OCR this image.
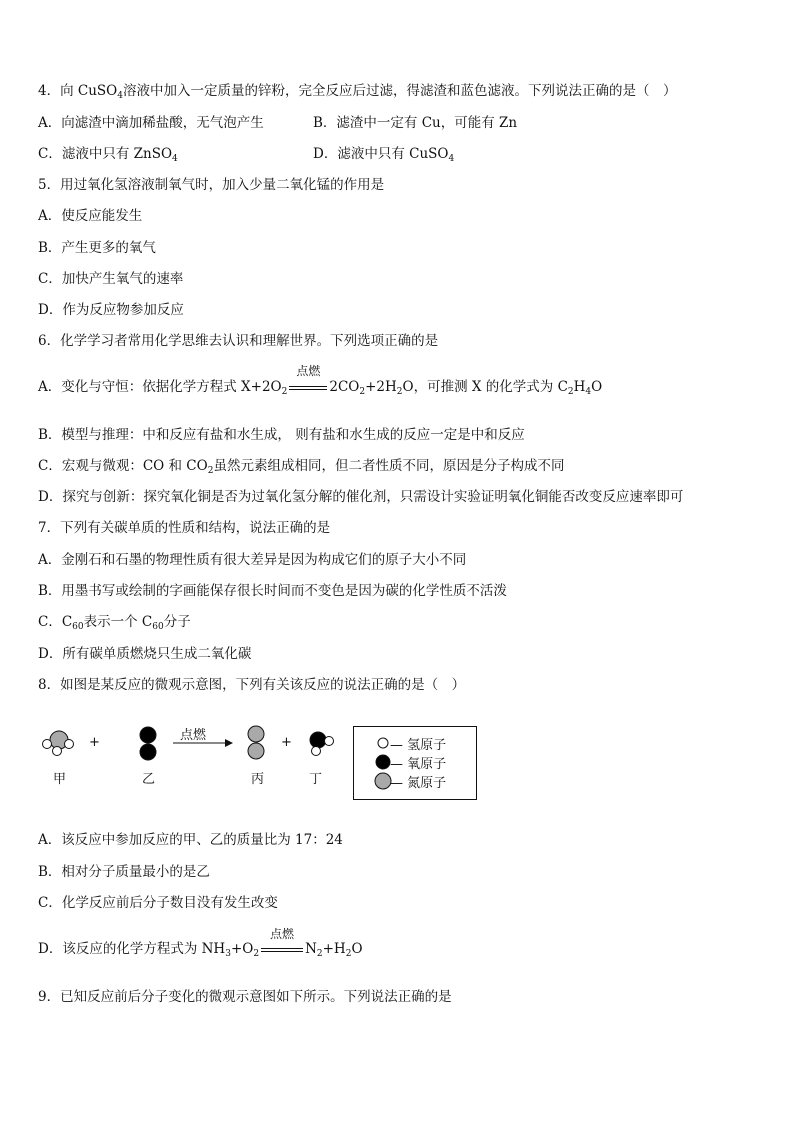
4．向 CuSO$_4$溶液中加入一定质量的锌粉，完全反应后过滤，得滤渣和蓝色滤液。下列说法正确的是（　）
A．向滤渣中滴加稀盐酸，无气泡产生	B．滤渣中一定有 Cu，可能有 Zn
C．滤液中只有 ZnSO$_4$	D．滤液中只有 CuSO$_4$
5．用过氧化氢溶液制氧气时，加入少量二氧化锰的作用是
A．使反应能发生
B．产生更多的氧气
C．加快产生氧气的速率
D．作为反应物参加反应
6．化学学习者常用化学思维去认识和理解世界。下列选项正确的是
A．变化与守恒：依据化学方程式 $X+2O_2$
点燃
$2CO_2+2H_2O$，可推测 X 的化学式为 $C_2H_4O$
B．模型与推理：中和反应有盐和水生成， 则有盐和水生成的反应一定是中和反应
C．宏观与微观：CO 和 $CO_2$虽然元素组成相同，但二者性质不同，原因是分子构成不同
D．探究与创新：探究氧化铜是否为过氧化氢分解的催化剂，只需设计实验证明氧化铜能否改变反应速率即可
7．下列有关碳单质的性质和结构，说法正确的是
A．金刚石和石墨的物理性质有很大差异是因为构成它们的原子大小不同
B．用墨书写或绘制的字画能保存很长时间而不变色是因为碳的化学性质不活泼
C．$C_{60}$表示一个 $C_{60}$分子
D．所有碳单质燃烧只生成二氧化碳
8．如图是某反应的微观示意图，下列有关该反应的说法正确的是（　）
+	+
点燃
甲	乙	丙	丁
— 氢原子
— 氧原子
— 氮原子
A．该反应中参加反应的甲、乙的质量比为 17：24
B．相对分子质量最小的是乙
C．化学反应前后分子数目没有发生改变
D．该反应的化学方程式为 $NH_3+O_2$
点燃
$N_2+H_2O$
9．已知反应前后分子变化的微观示意图如下所示。下列说法正确的是
